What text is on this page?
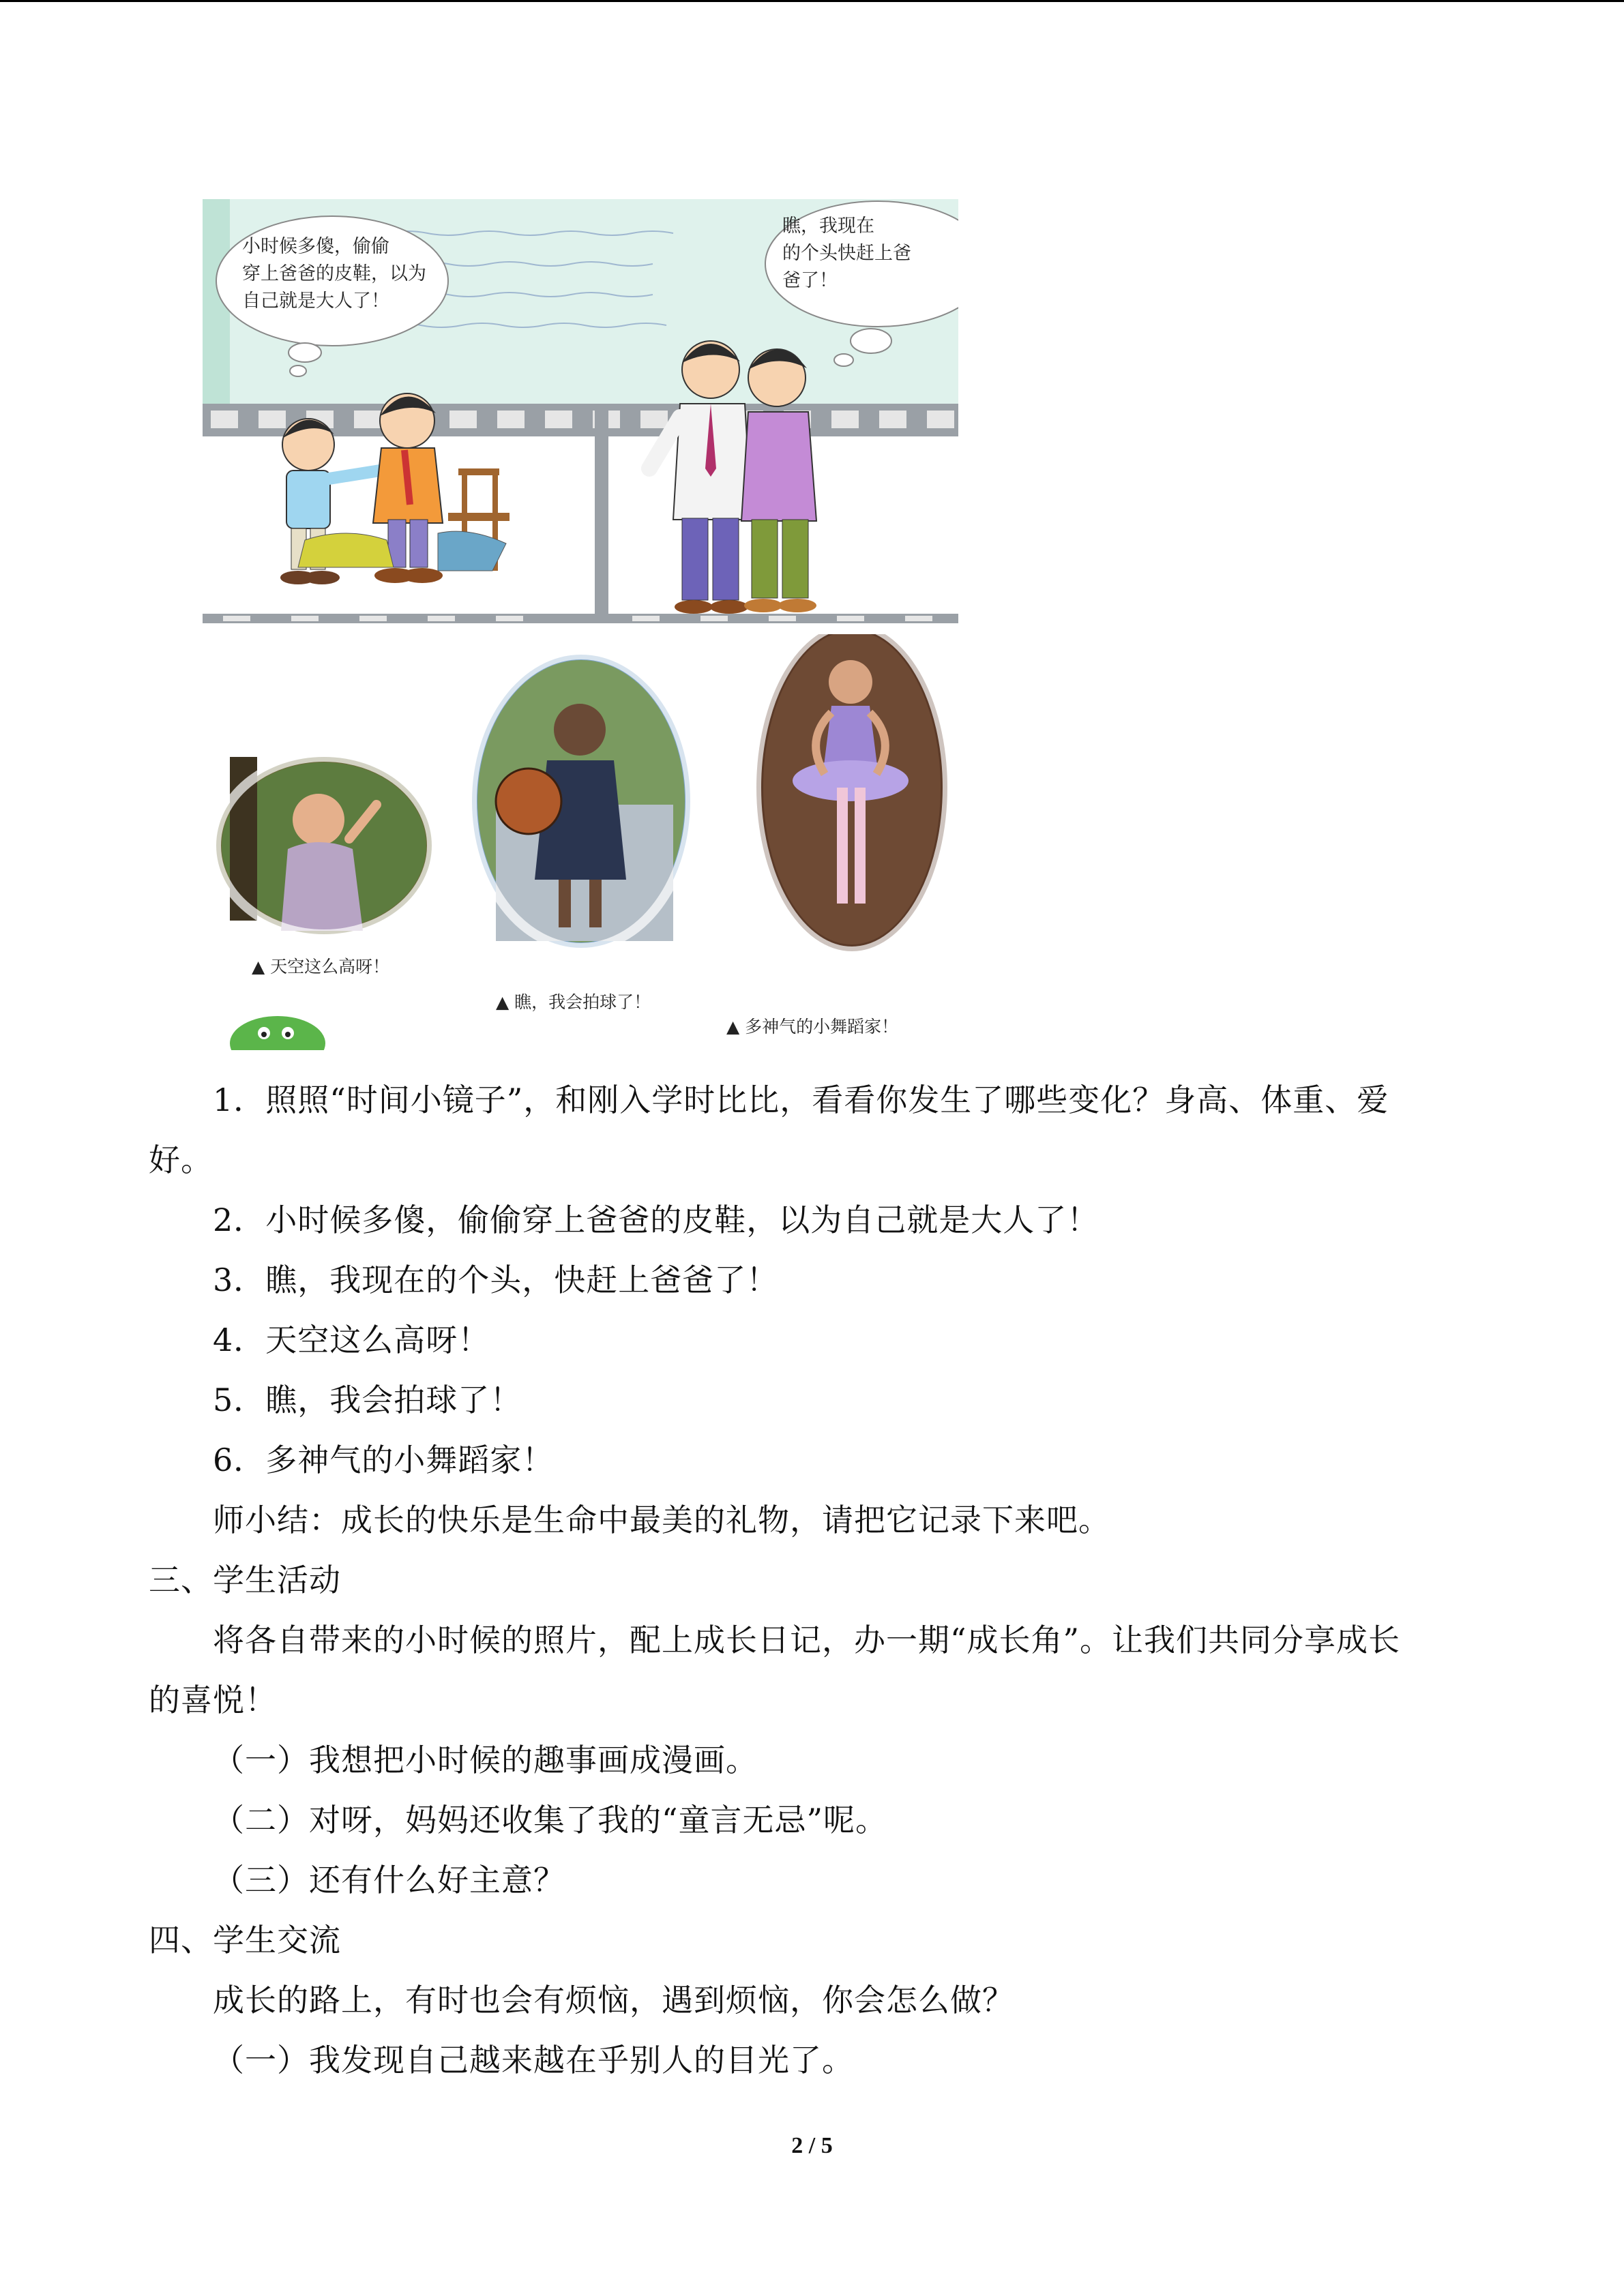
小时候多傻，偷偷
穿上爸爸的皮鞋，以为
自己就是大人了！
瞧，我现在
的个头快赶上爸
爸了！
▲ 天空这么高呀！
▲ 瞧，我会拍球了！
▲ 多神气的小舞蹈家！
1．照照“时间小镜子”，和刚入学时比比，看看你发生了哪些变化？身高、体重、爱
好。
2．小时候多傻，偷偷穿上爸爸的皮鞋，以为自己就是大人了！
3．瞧，我现在的个头，快赶上爸爸了！
4．天空这么高呀！
5．瞧，我会拍球了！
6．多神气的小舞蹈家！
师小结：成长的快乐是生命中最美的礼物，请把它记录下来吧。
三、学生活动
将各自带来的小时候的照片，配上成长日记，办一期“成长角”。让我们共同分享成长
的喜悦！
（一）我想把小时候的趣事画成漫画。
（二）对呀，妈妈还收集了我的“童言无忌”呢。
（三）还有什么好主意？
四、学生交流
成长的路上，有时也会有烦恼，遇到烦恼，你会怎么做？
（一）我发现自己越来越在乎别人的目光了。
2 / 5
